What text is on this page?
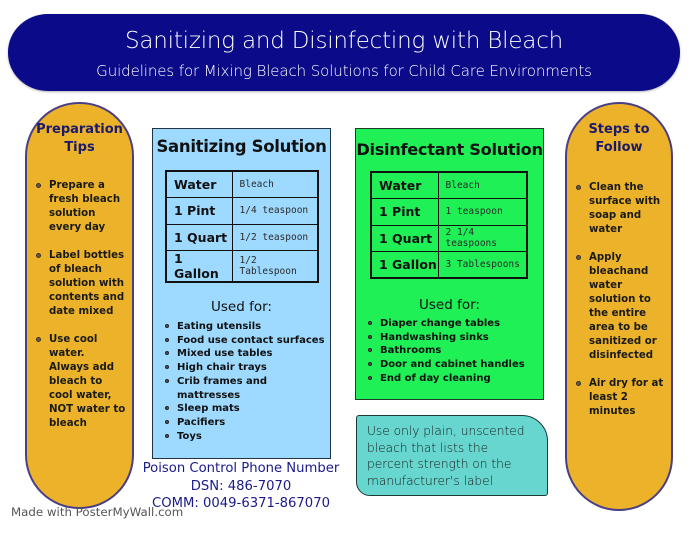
Sanitizing and Disinfecting with Bleach
Guidelines for Mixing Bleach Solutions for Child Care Environments
Preparation
Tips
Prepare a
fresh bleach
solution
every day
Label bottles
of bleach
solution with
contents and
date mixed
Use cool
water.
Always add
bleach to
cool water,
NOT water to
bleach
Sanitizing Solution
Water	Bleach
1 Pint	1/4 teaspoon
1 Quart	1/2 teaspoon
1 Gallon	1/2 Tablespoon
Used for:
Eating utensils
Food use contact surfaces
Mixed use tables
High chair trays
Crib frames and
mattresses
Sleep mats
Pacifiers
Toys
Disinfectant Solution
Water	Bleach
1 Pint	1 teaspoon
1 Quart	2 1/4 teaspoons
1 Gallon	3 Tablespoons
Used for:
Diaper change tables
Handwashing sinks
Bathrooms
Door and cabinet handles
End of day cleaning
Use only plain, unscented
bleach that lists the
percent strength on the
manufacturer's label
Steps to
Follow
Clean the
surface with
soap and
water
Apply
bleachand
water
solution to
the entire
area to be
sanitized or
disinfected
Air dry for at
least 2
minutes
Poison Control Phone Number
DSN: 486-7070
COMM: 0049-6371-867070
Made with PosterMyWall.com
